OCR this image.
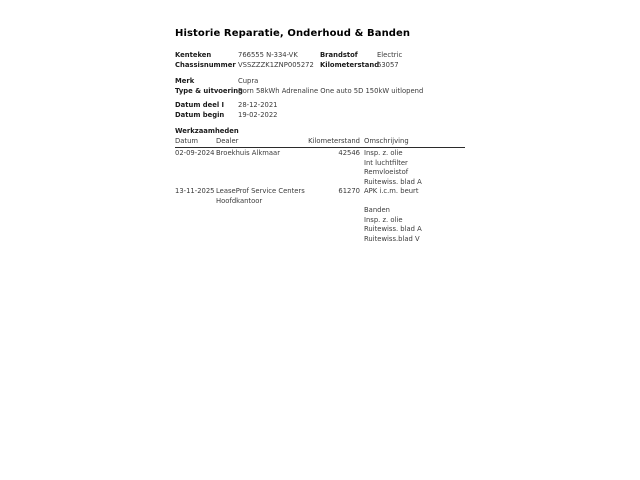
Historie Reparatie, Onderhoud & Banden
Kenteken	766555 N-334-VK	Brandstof	Electric
Chassisnummer VSSZZZK1ZNP005272 Kilometerstand
63057
Merk	Cupra
Type & uitvoering
Born 58kWh Adrenaline One auto 5D 150kW uitlopend
Datum deel I	28-12-2021
Datum begin	19-02-2022
Werkzaamheden
Datum	Dealer	Kilometerstand Omschrijving
02-09-2024 Broekhuis Alkmaar	42546 Insp. z. olie
Int luchtfilter
Remvloeistof
Ruitewiss. blad A
13-11-2025 LeaseProf Service Centers
Hoofdkantoor
61270 APK i.c.m. beurt
Banden
Insp. z. olie
Ruitewiss. blad A
Ruitewiss.blad V
